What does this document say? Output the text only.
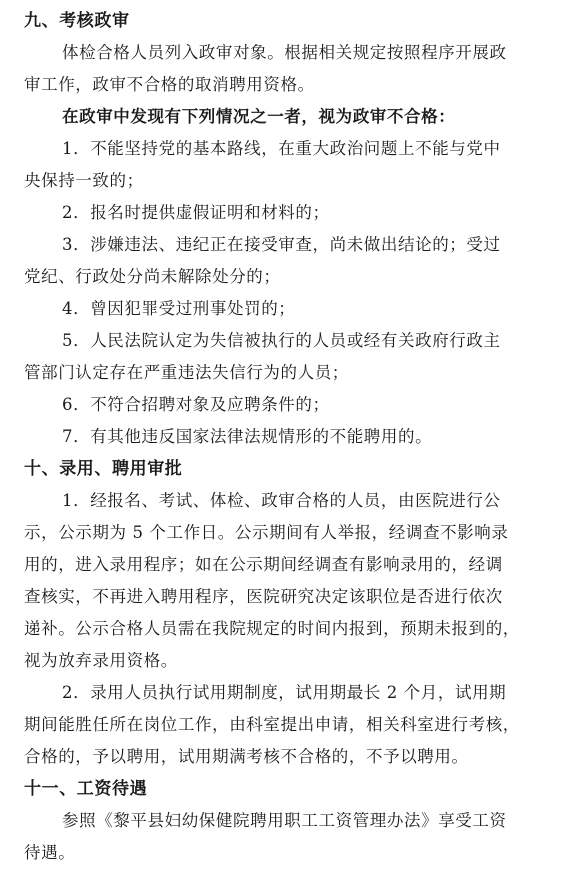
九、考核政审
体检合格人员列入政审对象。根据相关规定按照程序开展政
审工作，政审不合格的取消聘用资格。
在政审中发现有下列情况之一者，视为政审不合格：
1．不能坚持党的基本路线，在重大政治问题上不能与党中
央保持一致的；
2．报名时提供虚假证明和材料的；
3．涉嫌违法、违纪正在接受审查，尚未做出结论的；受过
党纪、行政处分尚未解除处分的；
4．曾因犯罪受过刑事处罚的；
5．人民法院认定为失信被执行的人员或经有关政府行政主
管部门认定存在严重违法失信行为的人员；
6．不符合招聘对象及应聘条件的；
7．有其他违反国家法律法规情形的不能聘用的。
十、录用、聘用审批
1．经报名、考试、体检、政审合格的人员，由医院进行公
示，公示期为 5 个工作日。公示期间有人举报，经调查不影响录
用的，进入录用程序；如在公示期间经调查有影响录用的，经调
查核实，不再进入聘用程序，医院研究决定该职位是否进行依次
递补。公示合格人员需在我院规定的时间内报到，预期未报到的，
视为放弃录用资格。
2．录用人员执行试用期制度，试用期最长 2 个月，试用期
期间能胜任所在岗位工作，由科室提出申请，相关科室进行考核，
合格的，予以聘用，试用期满考核不合格的，不予以聘用。
十一、工资待遇
参照《黎平县妇幼保健院聘用职工工资管理办法》享受工资
待遇。
